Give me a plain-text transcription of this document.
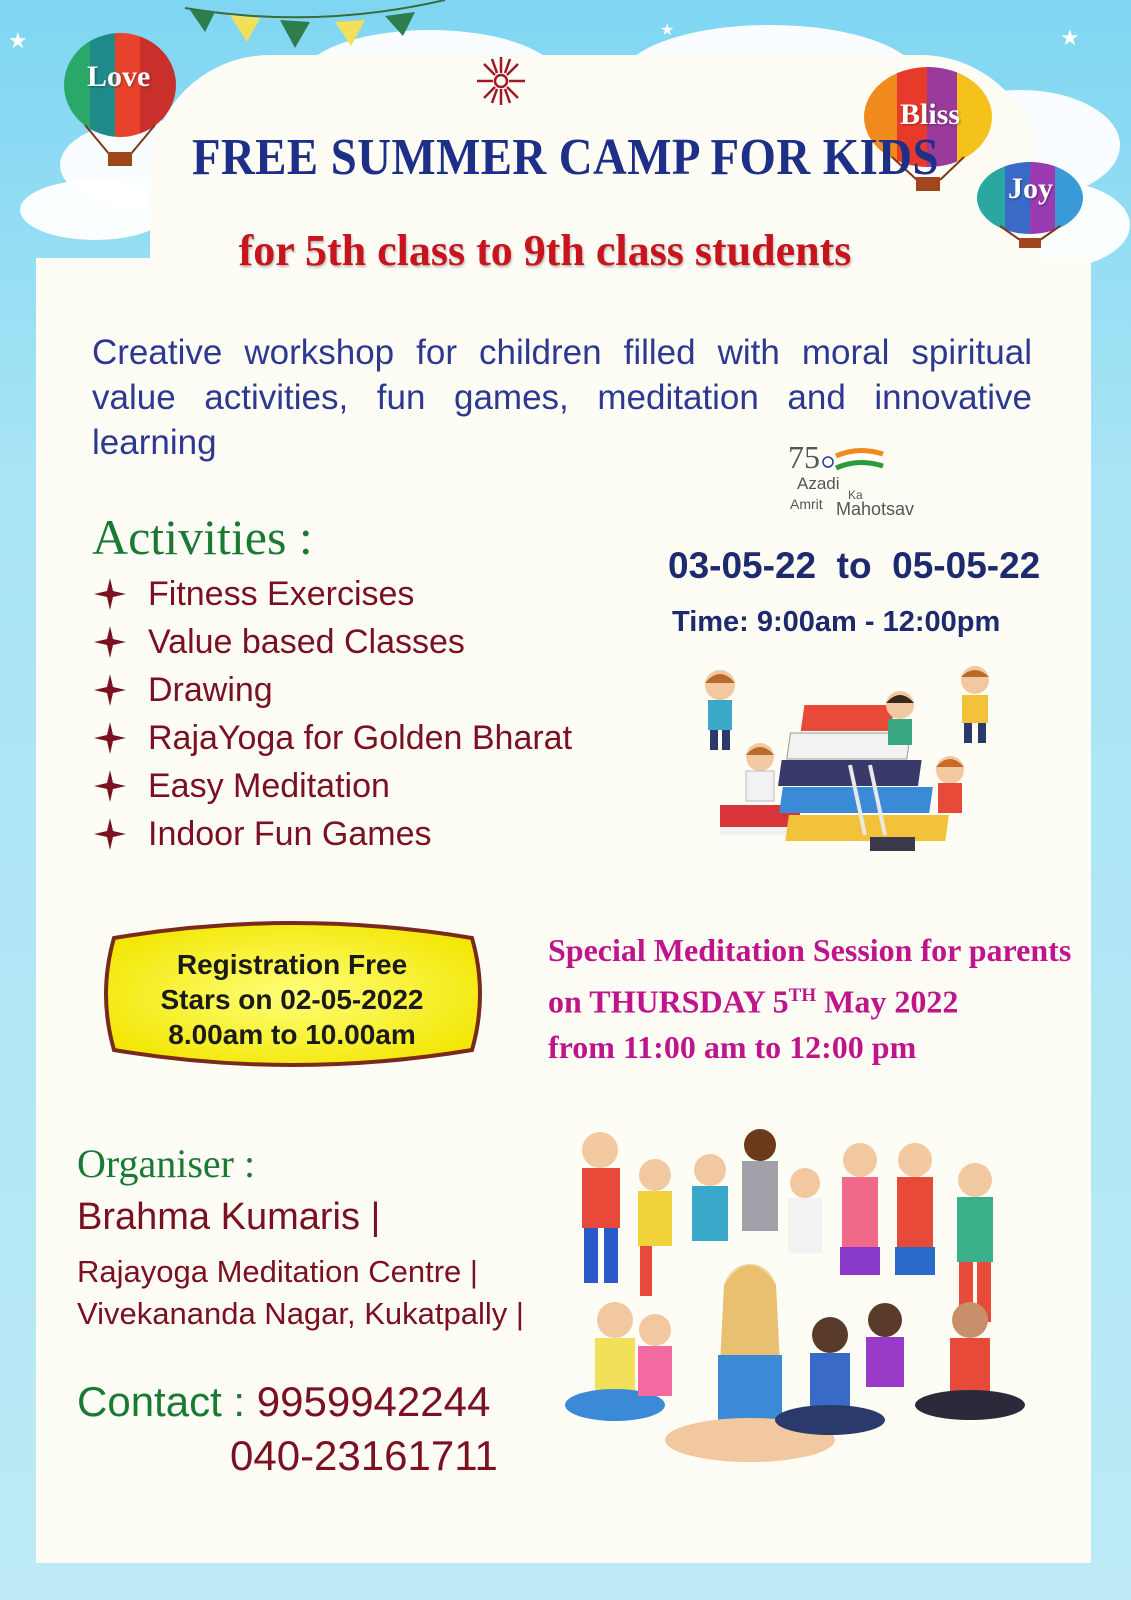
★	★	★
Love
Bliss
Joy
FREE SUMMER CAMP FOR KIDS
for 5th class to 9th class students
Creative workshop for children filled with moral spiritual value activities, fun games, meditation and innovative learning	75
Azadi
Ka
Amrit Mahotsav
Activities :
Fitness Exercises
Value based Classes
Drawing
RajaYoga for Golden Bharat
Easy Meditation
Indoor Fun Games
03-05-22  to  05-05-22
Time: 9:00am - 12:00pm
Registration Free
Stars on 02-05-2022
8.00am to 10.00am
Special Meditation Session for parents
on THURSDAY 5TH May 2022
from 11:00 am to 12:00 pm
Organiser :
Brahma Kumaris |
Rajayoga Meditation Centre |
Vivekananda Nagar, Kukatpally |
Contact : 9959942244
040-23161711
